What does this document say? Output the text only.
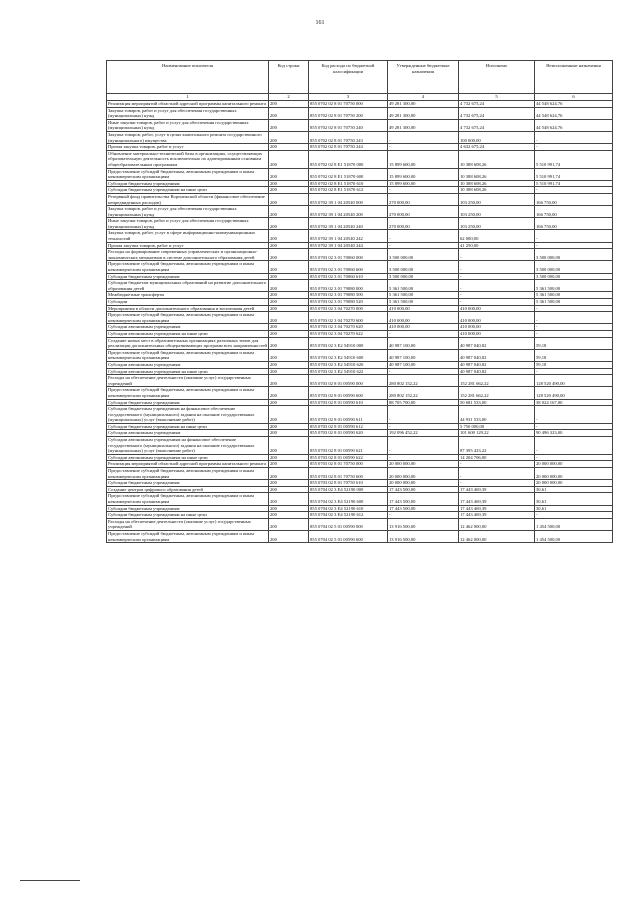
161
Наименование показателя	Код строки	Код расхода по бюджетной классификации	Утвержденные бюджетные назначения	Исполнено	Неисполненные назначения
1	2	3	4	5	6
Реализация мероприятий областной адресной программы капитального ремонта	200	855 0702 02 8 01 70750 000	49 281 300,00	4 732 675,24	44 548 624,76
Закупка товаров, работ и услуг для обеспечения государственных (муниципальных) нужд	200	855 0702 02 8 01 70750 200	49 281 300,00	4 732 675,24	44 548 624,76
Иные закупки товаров, работ и услуг для обеспечения государственных (муниципальных) нужд	200	855 0702 02 8 01 70750 240	49 281 300,00	4 732 675,24	44 548 624,76
Закупка товаров, работ, услуг в целях капитального ремонта государственного (муниципального) имущества	200	855 0702 02 8 01 70750 243	-	100 000,00	-
Прочая закупка товаров, работ и услуг	200	855 0702 02 8 01 70750 244	-	4 632 675,24	-
Обновление материально-технической базы в организациях, осуществляющих образовательную деятельность исключительно по адаптированным основным общеобразовательным программам	200	855 0702 02 8 E1 51870 000	15 899 600,00	10 388 608,26	5 510 991,74
Предоставление субсидий бюджетным, автономным учреждениям и иным некоммерческим организациям	200	855 0702 02 8 E1 51870 600	15 899 600,00	10 388 608,26	5 510 991,74
Субсидии бюджетным учреждениям	200	855 0702 02 8 E1 51870 610	15 899 600,00	10 388 608,26	5 510 991,74
Субсидии бюджетным учреждениям на иные цели	200	855 0702 02 8 E1 51870 612	-	10 388 608,26	-
Резервный фонд правительства Воронежской области (финансовое обеспечение непредвиденных расходов)	200	855 0702 39 1 04 20540 000	270 000,00	103 250,00	166 750,00
Закупка товаров, работ и услуг для обеспечения государственных (муниципальных) нужд	200	855 0702 39 1 04 20540 200	270 000,00	103 250,00	166 750,00
Иные закупки товаров, работ и услуг для обеспечения государственных (муниципальных) нужд	200	855 0702 39 1 04 20540 240	270 000,00	103 250,00	166 750,00
Закупка товаров, работ, услуг в сфере информационно-коммуникационных технологий	200	855 0702 39 1 04 20540 242	-	62 000,00	-
Прочая закупка товаров, работ и услуг	200	855 0702 39 1 04 20540 244	-	41 250,00	-
Расходы на формирование современных управленческих и организационно-экономических механизмов в системе дополнительного образования детей	200	855 0703 02 3 01 70060 000	3 500 000,00	-	3 500 000,00
Предоставление субсидий бюджетным, автономным учреждениям и иным некоммерческим организациям	200	855 0703 02 3 01 70060 600	3 500 000,00	-	3 500 000,00
Субсидии бюджетным учреждениям	200	855 0703 02 3 01 70060 610	3 500 000,00	-	3 500 000,00
Субсидии бюджетам муниципальных образований на развитие дополнительного образования детей	200	855 0703 02 3 01 79080 000	5 361 500,00	-	5 361 500,00
Межбюджетные трансферты	200	855 0703 02 3 01 79080 500	5 361 500,00	-	5 361 500,00
Субсидии	200	855 0703 02 3 01 79080 520	5 361 500,00	-	5 361 500,00
Мероприятия в области дополнительного образования и воспитания детей	200	855 0703 02 3 04 70270 000	410 000,00	410 000,00	-
Предоставление субсидий бюджетным, автономным учреждениям и иным некоммерческим организациям	200	855 0703 02 3 04 70270 600	410 000,00	410 000,00	-
Субсидии автономным учреждениям	200	855 0703 02 3 04 70270 620	410 000,00	410 000,00	-
Субсидии автономным учреждениям на иные цели	200	855 0703 02 3 04 70270 622	-	410 000,00	-
Создание новых мест в образовательных организациях различных типов для реализации дополнительных общеразвивающих программ всех направленностей	200	855 0703 02 3 E2 54910 000	40 987 100,00	40 987 040,82	59,18
Предоставление субсидий бюджетным, автономным учреждениям и иным некоммерческим организациям	200	855 0703 02 3 E2 54910 600	40 987 100,00	40 987 040,82	59,18
Субсидии автономным учреждениям	200	855 0703 02 3 E2 54910 620	40 987 100,00	40 987 040,82	59,18
Субсидии автономным учреждениям на иные цели	200	855 0703 02 3 E2 54910 622	-	40 987 040,82	-
Расходы на обеспечение деятельности (оказание услуг) государственных учреждений	200	855 0703 02 8 01 00590 000	280 802 152,22	152 281 662,22	128 520 490,00
Предоставление субсидий бюджетным, автономным учреждениям и иным некоммерческим организациям	200	855 0703 02 8 01 00590 600	280 802 152,22	152 281 662,22	128 520 490,00
Субсидии бюджетным учреждениям	200	855 0703 02 8 01 00590 610	88 705 700,00	50 681 533,00	38 024 167,00
Субсидии бюджетным учреждениям на финансовое обеспечение государственного (муниципального) задания на оказание государственных (муниципальных) услуг (выполнение работ)	200	855 0703 02 8 01 00590 611	-	44 931 533,00	-
Субсидии бюджетным учреждениям на иные цели	200	855 0703 02 8 01 00590 612	-	5 750 000,00	-
Субсидии автономным учреждениям	200	855 0703 02 8 01 00590 620	192 096 452,22	101 600 129,22	90 496 323,00
Субсидии автономным учреждениям на финансовое обеспечение государственного (муниципального) задания на оказание государственных (муниципальных) услуг (выполнение работ)	200	855 0703 02 8 01 00590 621	-	87 395 423,22	-
Субсидии автономным учреждениям на иные цели	200	855 0703 02 8 01 00590 622	-	14 204 706,00	-
Реализация мероприятий областной адресной программы капитального ремонта	200	855 0703 02 8 01 70750 000	20 000 000,00	-	20 000 000,00
Предоставление субсидий бюджетным, автономным учреждениям и иным некоммерческим организациям	200	855 0703 02 8 01 70750 600	20 000 000,00	-	20 000 000,00
Субсидии бюджетным учреждениям	200	855 0703 02 8 01 70750 610	20 000 000,00	-	20 000 000,00
Создание центров цифрового образования детей	200	855 0704 02 3 E4 52190 000	17 443 500,00	17 443 469,39	30,61
Предоставление субсидий бюджетным, автономным учреждениям и иным некоммерческим организациям	200	855 0704 02 3 E4 52190 600	17 443 500,00	17 443 469,39	30,61
Субсидии бюджетным учреждениям	200	855 0704 02 3 E4 52190 610	17 443 500,00	17 443 469,39	30,61
Субсидии бюджетным учреждениям на иные цели	200	855 0704 02 3 E4 52190 612	-	17 443 469,39	-
Расходы на обеспечение деятельности (оказание услуг) государственных учреждений	200	855 0704 02 5 01 00590 000	13 916 500,00	12 462 000,00	1 454 500,00
Предоставление субсидий бюджетным, автономным учреждениям и иным некоммерческим организациям	200	855 0704 02 5 01 00590 600	13 916 500,00	12 462 000,00	1 454 500,00
